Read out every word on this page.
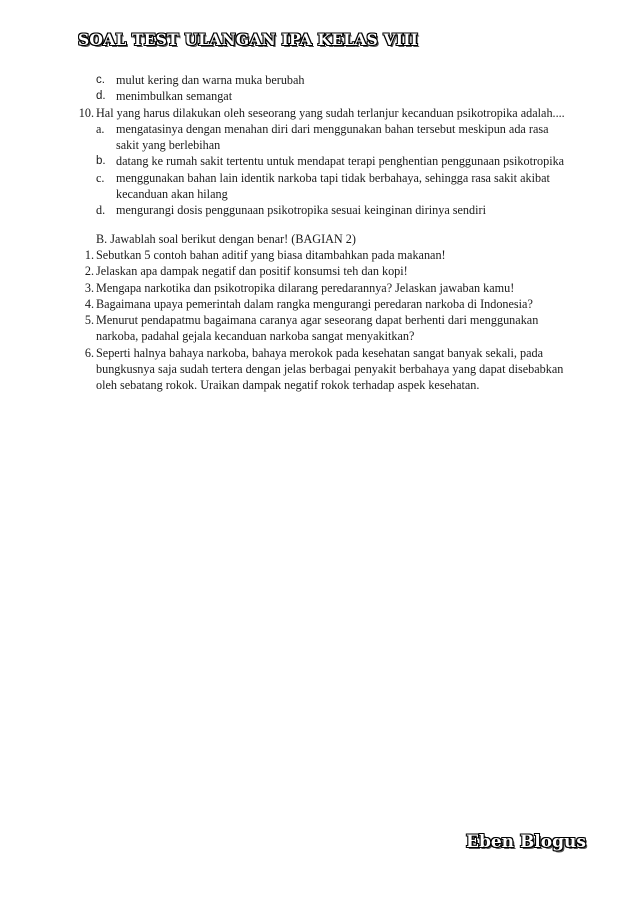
SOAL TEST ULANGAN IPA KELAS VIII
c. mulut kering dan warna muka berubah
d. menimbulkan semangat
10. Hal yang harus dilakukan oleh seseorang yang sudah terlanjur kecanduan psikotropika adalah....
a. mengatasinya dengan menahan diri dari menggunakan bahan tersebut meskipun ada rasa sakit yang berlebihan
b. datang ke rumah sakit tertentu untuk mendapat terapi penghentian penggunaan psikotropika
c. menggunakan bahan lain identik narkoba tapi tidak berbahaya, sehingga rasa sakit akibat kecanduan akan hilang
d. mengurangi dosis penggunaan psikotropika sesuai keinginan dirinya sendiri
B. Jawablah soal berikut dengan benar! (BAGIAN 2)
1. Sebutkan 5 contoh bahan aditif yang biasa ditambahkan pada makanan!
2. Jelaskan apa dampak negatif dan positif konsumsi teh dan kopi!
3. Mengapa narkotika dan psikotropika dilarang peredarannya? Jelaskan jawaban kamu!
4. Bagaimana upaya pemerintah dalam rangka mengurangi peredaran narkoba di Indonesia?
5. Menurut pendapatmu bagaimana caranya agar seseorang dapat berhenti dari menggunakan narkoba, padahal gejala kecanduan narkoba sangat menyakitkan?
6. Seperti halnya bahaya narkoba, bahaya merokok pada kesehatan sangat banyak sekali, pada bungkusnya saja sudah tertera dengan jelas berbagai penyakit berbahaya yang dapat disebabkan oleh sebatang rokok. Uraikan dampak negatif rokok terhadap aspek kesehatan.
Eben Blogus
